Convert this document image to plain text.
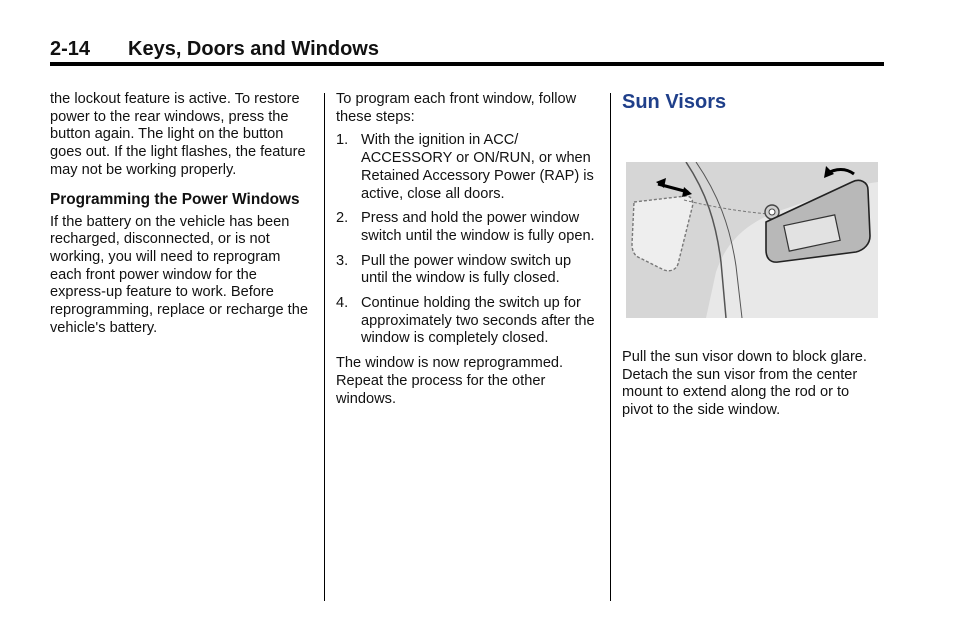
2-14 Keys, Doors and Windows

the lockout feature is active. To restore power to the rear windows, press the button again. The light on the button goes out. If the light flashes, the feature may not be working properly.

Programming the Power Windows

If the battery on the vehicle has been recharged, disconnected, or is not working, you will need to reprogram each front power window for the express-up feature to work. Before reprogramming, replace or recharge the vehicle's battery.

To program each front window, follow these steps:

1. With the ignition in ACC/ ACCESSORY or ON/RUN, or when Retained Accessory Power (RAP) is active, close all doors.
2. Press and hold the power window switch until the window is fully open.
3. Pull the power window switch up until the window is fully closed.
4. Continue holding the switch up for approximately two seconds after the window is completely closed.

The window is now reprogrammed. Repeat the process for the other windows.

Sun Visors
Pull the sun visor down to block glare. Detach the sun visor from the center mount to extend along the rod or to pivot to the side window.
